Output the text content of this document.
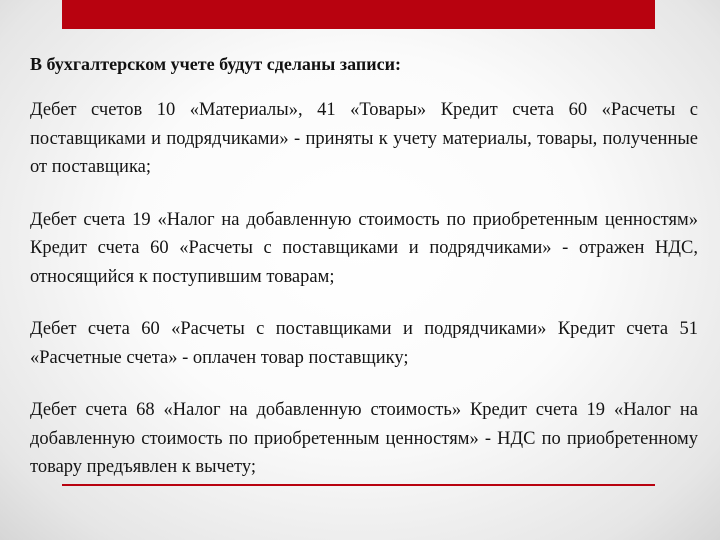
В бухгалтерском учете будут сделаны записи:

Дебет счетов 10 «Материалы», 41 «Товары» Кредит счета 60 «Расчеты с поставщиками и подрядчиками» - приняты к учету материалы, товары, полученные от поставщика;

Дебет счета 19 «Налог на добавленную стоимость по приобретенным ценностям» Кредит счета 60 «Расчеты с поставщиками и подрядчиками» - отражен НДС, относящийся к поступившим товарам;

Дебет счета 60 «Расчеты с поставщиками и подрядчиками» Кредит счета 51 «Расчетные счета» - оплачен товар поставщику;

Дебет счета 68 «Налог на добавленную стоимость» Кредит счета 19 «Налог на добавленную стоимость по приобретенным ценностям» - НДС по приобретенному товару предъявлен к вычету;
